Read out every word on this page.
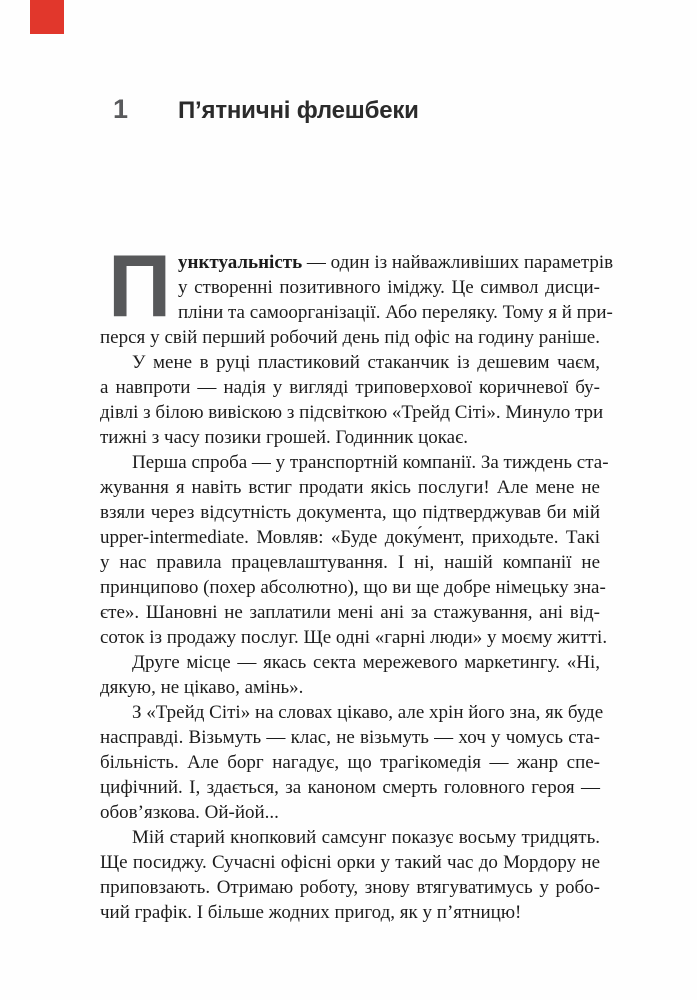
1	П’ятничні флешбеки
П унктуальність — один із найважливіших параметрів
у створенні позитивного іміджу. Це символ дисци-
пліни та самоорганізації. Або переляку. Тому я й при-
перся у свій перший робочий день під офіс на годину раніше.
У мене в руці пластиковий стаканчик із дешевим чаєм,
а навпроти — надія у вигляді триповерхової коричневої бу-
дівлі з білою вивіскою з підсвіткою «Трейд Сіті». Минуло три
тижні з часу позики грошей. Годинник цокає.
Перша спроба — у транспортній компанії. За тиждень ста-
жування я навіть встиг продати якісь послуги! Але мене не
взяли через відсутність документа, що підтверджував би мій
upper-intermediate. Мовляв: «Буде доку́мент, приходьте. Такі
у нас правила працевлаштування. І ні, нашій компанії не
принципово (похер абсолютно), що ви ще добре німецьку зна-
єте». Шановні не заплатили мені ані за стажування, ані від-
соток із продажу послуг. Ще одні «гарні люди» у моєму житті.
Друге місце — якась секта мережевого маркетингу. «Ні,
дякую, не цікаво, амінь».
З «Трейд Сіті» на словах цікаво, але хрін його зна, як буде
насправді. Візьмуть — клас, не візьмуть — хоч у чомусь ста-
більність. Але борг нагадує, що трагікомедія — жанр спе-
цифічний. І, здається, за каноном смерть головного героя —
обов’язкова. Ой-йой...
Мій старий кнопковий самсунг показує восьму тридцять.
Ще посиджу. Сучасні офісні орки у такий час до Мордору не
приповзають. Отримаю роботу, знову втягуватимусь у робо-
чий графік. І більше жодних пригод, як у п’ятницю!
